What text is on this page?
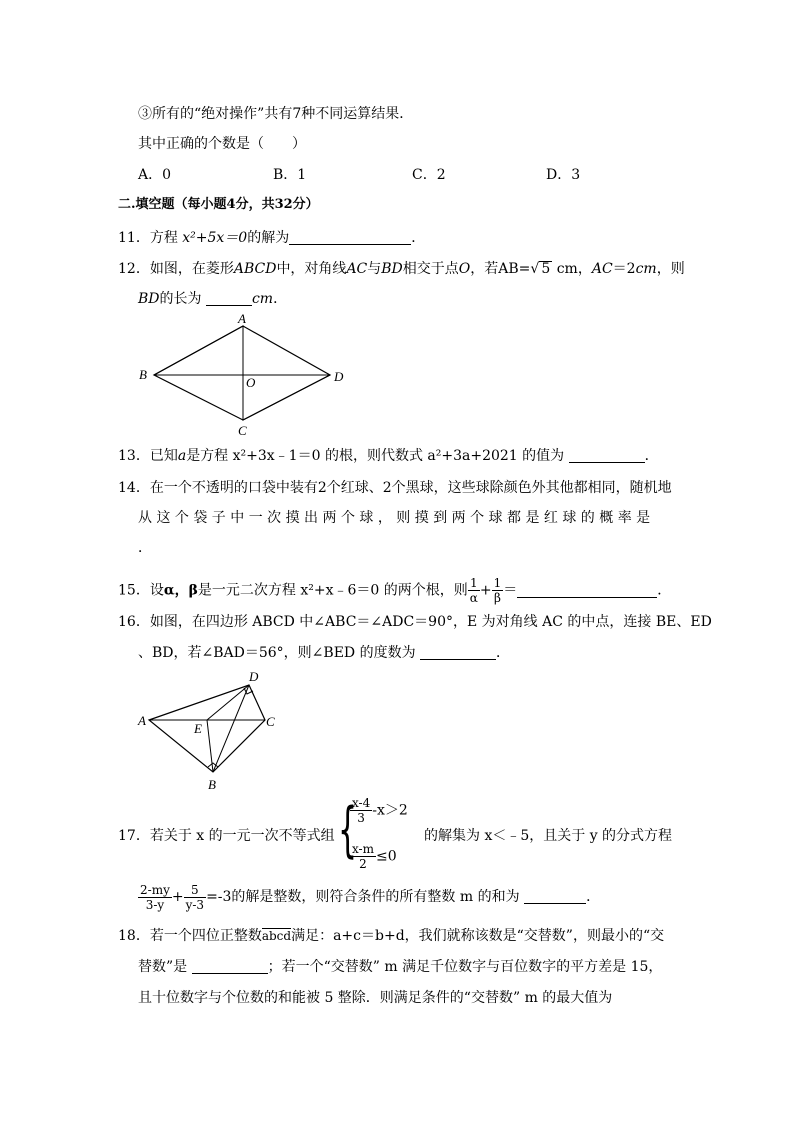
③所有的“绝对操作”共有7种不同运算结果．
其中正确的个数是（　　）
A．0	B．1	C．2	D．3
二.填空题（每小题4分，共32分）
11．方程 x²+5x＝0的解为	．
12．如图，在菱形ABCD中，对角线AC与BD相交于点O，若AB=√ 5 cm，AC＝2cm，则
BD的长为	cm．
A
B
C
D
O
13．已知a是方程 x²+3x﹣1＝0 的根，则代数式 a²+3a+2021 的值为	．
14．在一个不透明的口袋中装有2个红球、2个黑球，这些球除颜色外其他都相同，随机地
从 这 个 袋 子 中 一 次 摸 出 两 个 球 ， 则 摸 到 两 个 球 都 是 红 球 的 概 率 是
．
15．设α，β是一元二次方程 x²+x﹣6＝0 的两个根，则 $\frac{1}{\alpha} + \frac{1}{\beta}$ ＝	．
16．如图，在四边形 ABCD 中∠ABC＝∠ADC＝90°，E 为对角线 AC 的中点，连接 BE、ED
、BD，若∠BAD＝56°，则∠BED 的度数为	．
A
D
C
E
B
17．若关于 x 的一元一次不等式组 {
$\frac{x-4}{3} -x>2$
$\frac{x-m}{2} \le 0$
的解集为 x＜﹣5，且关于 y 的分式方程
$\frac{2-my}{3-y} + \frac{5}{y-3} =-3$的解是整数，则符合条件的所有整数 m 的和为	．
18．若一个四位正整数abcd满足：a+c＝b+d，我们就称该数是“交替数”，则最小的“交
替数”是	；若一个“交替数” m 满足千位数字与百位数字的平方差是 15，
且十位数字与个位数的和能被 5 整除．则满足条件的“交替数” m 的最大值为
